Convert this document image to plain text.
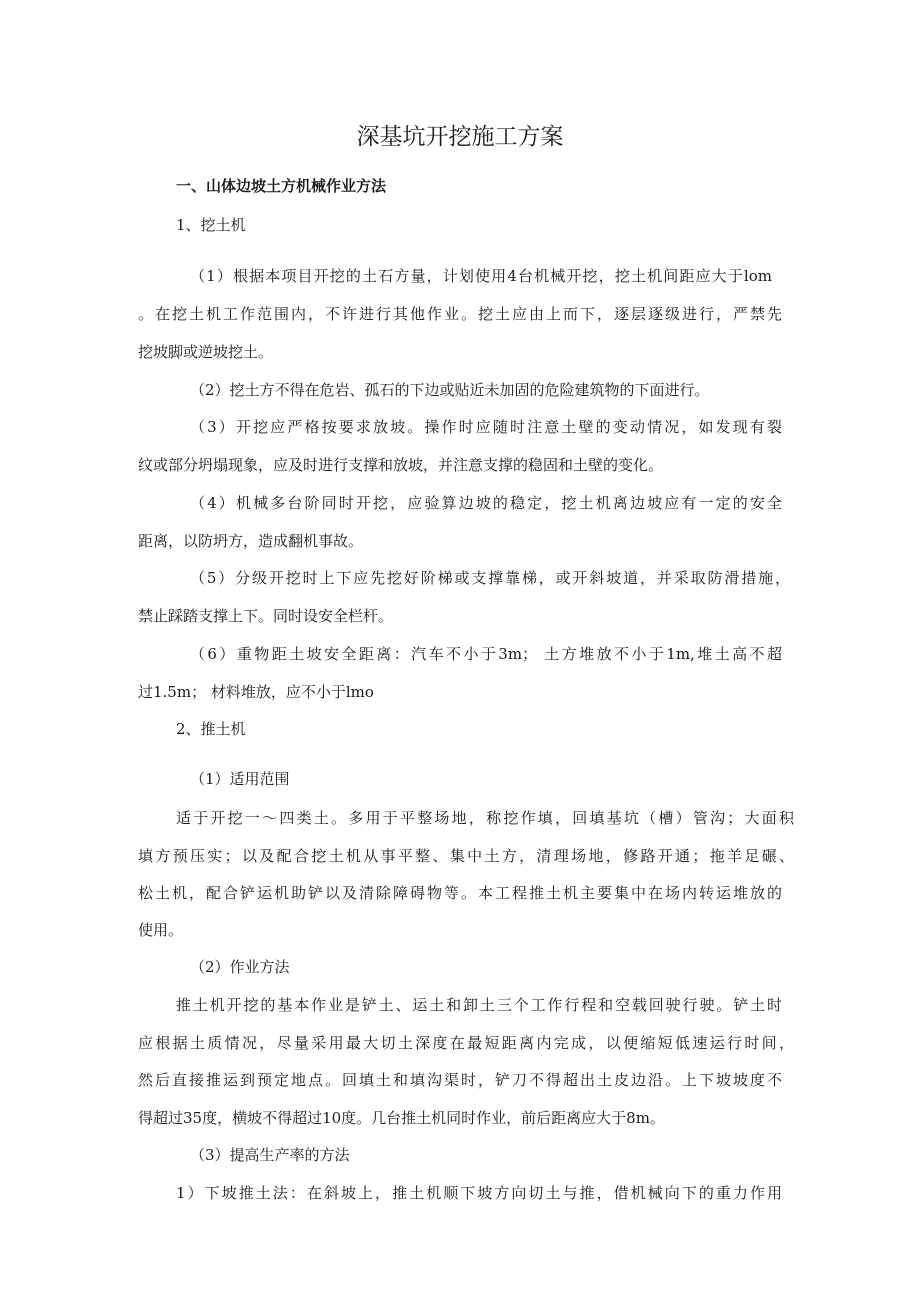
深基坑开挖施工方案
一、山体边坡土方机械作业方法
1、挖土机
（1）根据本项目开挖的土石方量，计划使用4台机械开挖，挖土机间距应大于lom
。在挖土机工作范围内，不许进行其他作业。挖土应由上而下，逐层逐级进行，严禁先
挖坡脚或逆坡挖土。
（2）挖土方不得在危岩、孤石的下边或贴近未加固的危险建筑物的下面进行。
（3）开挖应严格按要求放坡。操作时应随时注意土壁的变动情况，如发现有裂
纹或部分坍塌现象，应及时进行支撑和放坡，并注意支撑的稳固和土壁的变化。
（4）机械多台阶同时开挖，应验算边坡的稳定，挖土机离边坡应有一定的安全
距离，以防坍方，造成翻机事故。
（5）分级开挖时上下应先挖好阶梯或支撑靠梯，或开斜坡道，并采取防滑措施，
禁止踩踏支撑上下。同时设安全栏杆。
（6）重物距土坡安全距离：汽车不小于3m； 土方堆放不小于1m,堆土高不超
过1.5m； 材料堆放，应不小于lmo
2、推土机
（1）适用范围
适于开挖一～四类土。多用于平整场地，称挖作填，回填基坑（槽）管沟；大面积
填方预压实；以及配合挖土机从事平整、集中土方，清理场地，修路开通；拖羊足碾、
松土机，配合铲运机助铲以及清除障碍物等。本工程推土机主要集中在场内转运堆放的
使用。
（2）作业方法
推土机开挖的基本作业是铲土、运土和卸土三个工作行程和空载回驶行驶。铲土时
应根据土质情况，尽量采用最大切土深度在最短距离内完成，以便缩短低速运行时间，
然后直接推运到预定地点。回填土和填沟渠时，铲刀不得超出土皮边沿。上下坡坡度不
得超过35度，横坡不得超过10度。几台推土机同时作业，前后距离应大于8m。
（3）提高生产率的方法
1）下坡推土法：在斜坡上，推土机顺下坡方向切土与推，借机械向下的重力作用
